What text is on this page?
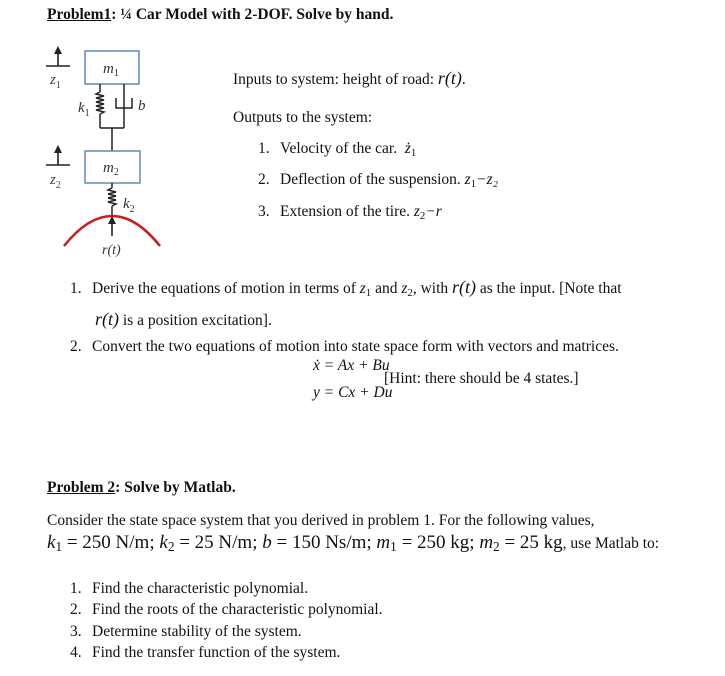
Problem1: ¼ Car Model with 2-DOF. Solve by hand.
$z_1$
$m_1$
$k_1$	b
$z_2$
$m_2$
$k_2$
r(t)
Inputs to system: height of road: r(t).
Outputs to the system:
1. Velocity of the car. $ż_1$
2. Deflection of the suspension. $z_1-z_2$
3. Extension of the tire. $z_2-r$
1. Derive the equations of motion in terms of $z_1$ and $z_2$, with r(t) as the input. [Note that
r(t) is a position excitation].
2. Convert the two equations of motion into state space form with vectors and matrices.
ẋ = Ax + Bu
y = Cx + Du
[Hint: there should be 4 states.]
Problem 2: Solve by Matlab.
Consider the state space system that you derived in problem 1. For the following values,
$k_1 = 250$ N/m; $k_2 = 25$ N/m; b = 150 Ns/m; $m_1 = 250$ kg; $m_2 = 25$ kg, use Matlab to:
1. Find the characteristic polynomial.
2. Find the roots of the characteristic polynomial.
3. Determine stability of the system.
4. Find the transfer function of the system.
